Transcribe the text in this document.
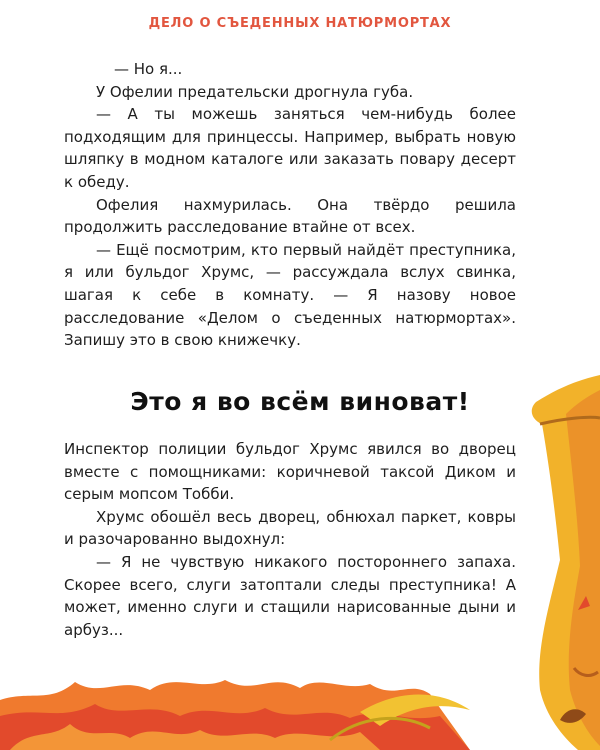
ДЕЛО О СЪЕДЕННЫХ НАТЮРМОРТАХ

— Но я...

У Офелии предательски дрогнула губа.

— А ты можешь заняться чем-нибудь более подходящим для принцессы. Например, выбрать новую шляпку в модном каталоге или заказать повару десерт к обеду.

Офелия нахмурилась. Она твёрдо решила продолжить расследование втайне от всех.

— Ещё посмотрим, кто первый найдёт преступника, я или бульдог Хрумс, — рассуждала вслух свинка, шагая к себе в комнату. — Я назову новое расследование «Делом о съеденных натюрмортах». Запишу это в свою книжечку.

Это я во всём виноват!

Инспектор полиции бульдог Хрумс явился во дворец вместе с помощниками: коричневой таксой Диком и серым мопсом Тобби.

Хрумс обошёл весь дворец, обнюхал паркет, ковры и разочарованно выдохнул:

— Я не чувствую никакого постороннего запаха. Скорее всего, слуги затоптали следы преступника! А может, именно слуги и стащили нарисованные дыни и арбуз...
